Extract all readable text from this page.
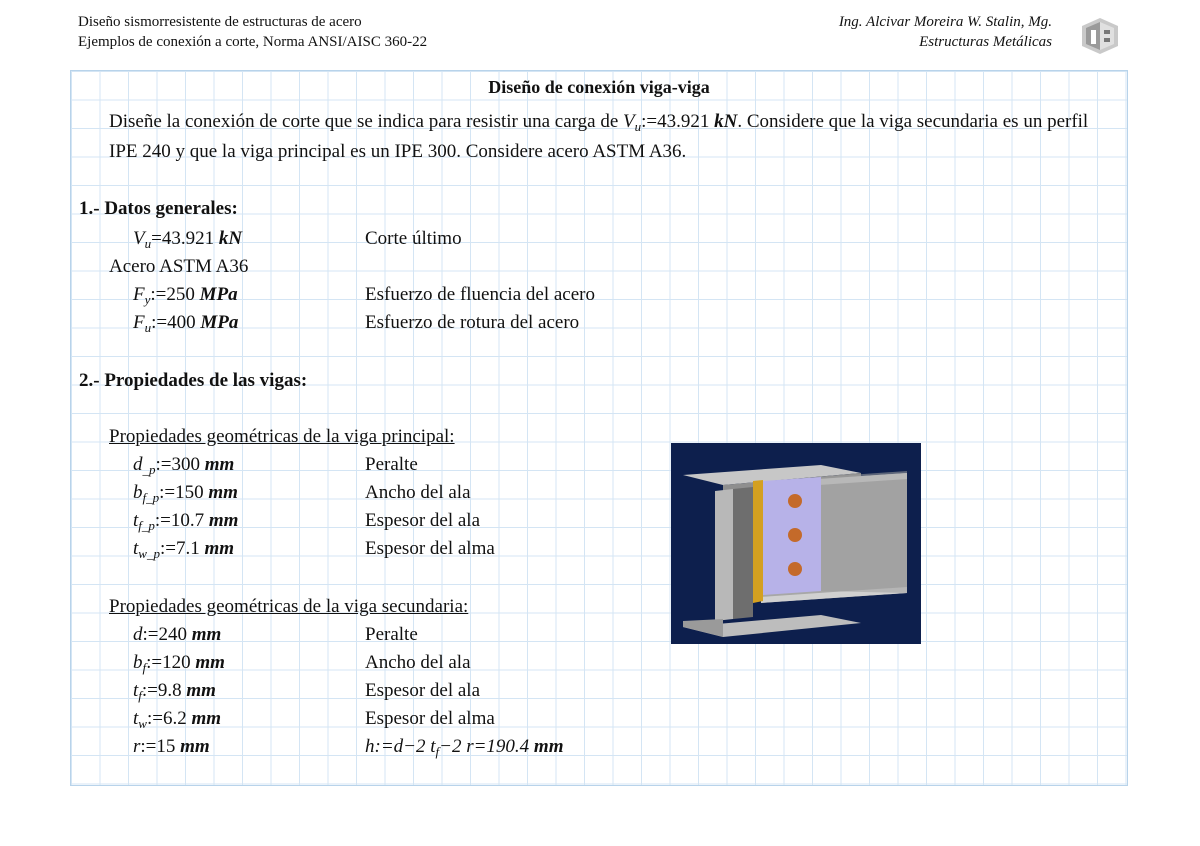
Diseño sismorresistente de estructuras de acero
Ejemplos de conexión a corte, Norma ANSI/AISC 360-22
Ing. Alcivar Moreira W. Stalin, Mg.
Estructuras Metálicas
Diseño de conexión viga-viga
Diseñe la conexión de corte que se indica para resistir una carga de $V_u:=43.921$ kN. Considere que la viga secundaria es un perfil IPE 240 y que la viga principal es un IPE 300. Considere acero ASTM A36.
1.- Datos generales:
$V_u=43.921$ kN	Corte último
Acero ASTM A36
$F_y:=250$ MPa	Esfuerzo de fluencia del acero
$F_u:=400$ MPa	Esfuerzo de rotura del acero
2.- Propiedades de las vigas:
Propiedades geométricas de la viga principal:
$d_{\_p}:=300$ mm	Peralte
$b_{f\_p}:=150$ mm	Ancho del ala
$t_{f\_p}:=10.7$ mm	Espesor del ala
$t_{w\_p}:=7.1$ mm	Espesor del alma
Propiedades geométricas de la viga secundaria:
d:=240 mm	Peralte
$b_f:=120$ mm	Ancho del ala
$t_f:=9.8$ mm	Espesor del ala
$t_w:=6.2$ mm	Espesor del alma
r:=15 mm	h:=d−2 $t_f-2$ r=190.4 mm
